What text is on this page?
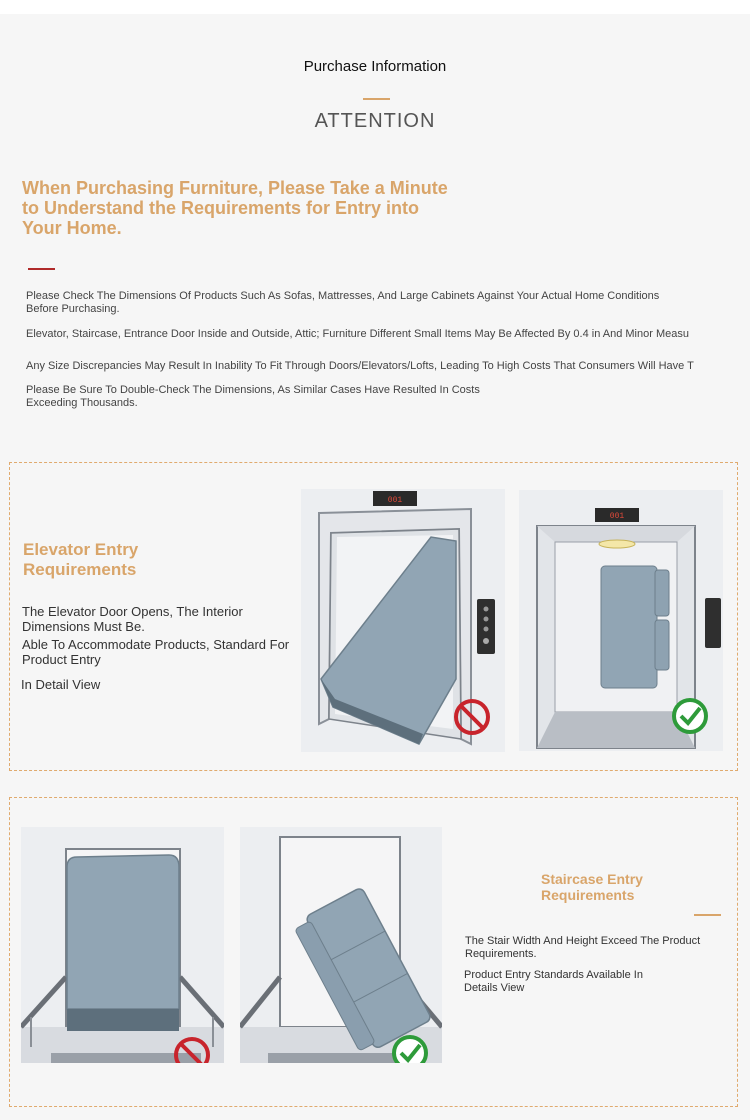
Purchase Information
ATTENTION
When Purchasing Furniture, Please Take a Minute to Understand the Requirements for Entry into Your Home.
Please Check The Dimensions Of Products Such As Sofas, Mattresses, And Large Cabinets Against Your Actual Home Conditions Before Purchasing.
Elevator, Staircase, Entrance Door Inside and Outside, Attic; Furniture Different Small Items May Be Affected By 0.4 in And Minor Measu
Any Size Discrepancies May Result In Inability To Fit Through Doors/Elevators/Lofts, Leading To High Costs That Consumers Will Have T
Please Be Sure To Double-Check The Dimensions, As Similar Cases Have Resulted In Costs Exceeding Thousands.
Elevator Entry Requirements
The Elevator Door Opens, The Interior Dimensions Must Be.
Able To Accommodate Products, Standard For Product Entry
In Detail View
001
001
Staircase Entry Requirements
The Stair Width And Height Exceed The Product Requirements.
Product Entry Standards Available In Details View
